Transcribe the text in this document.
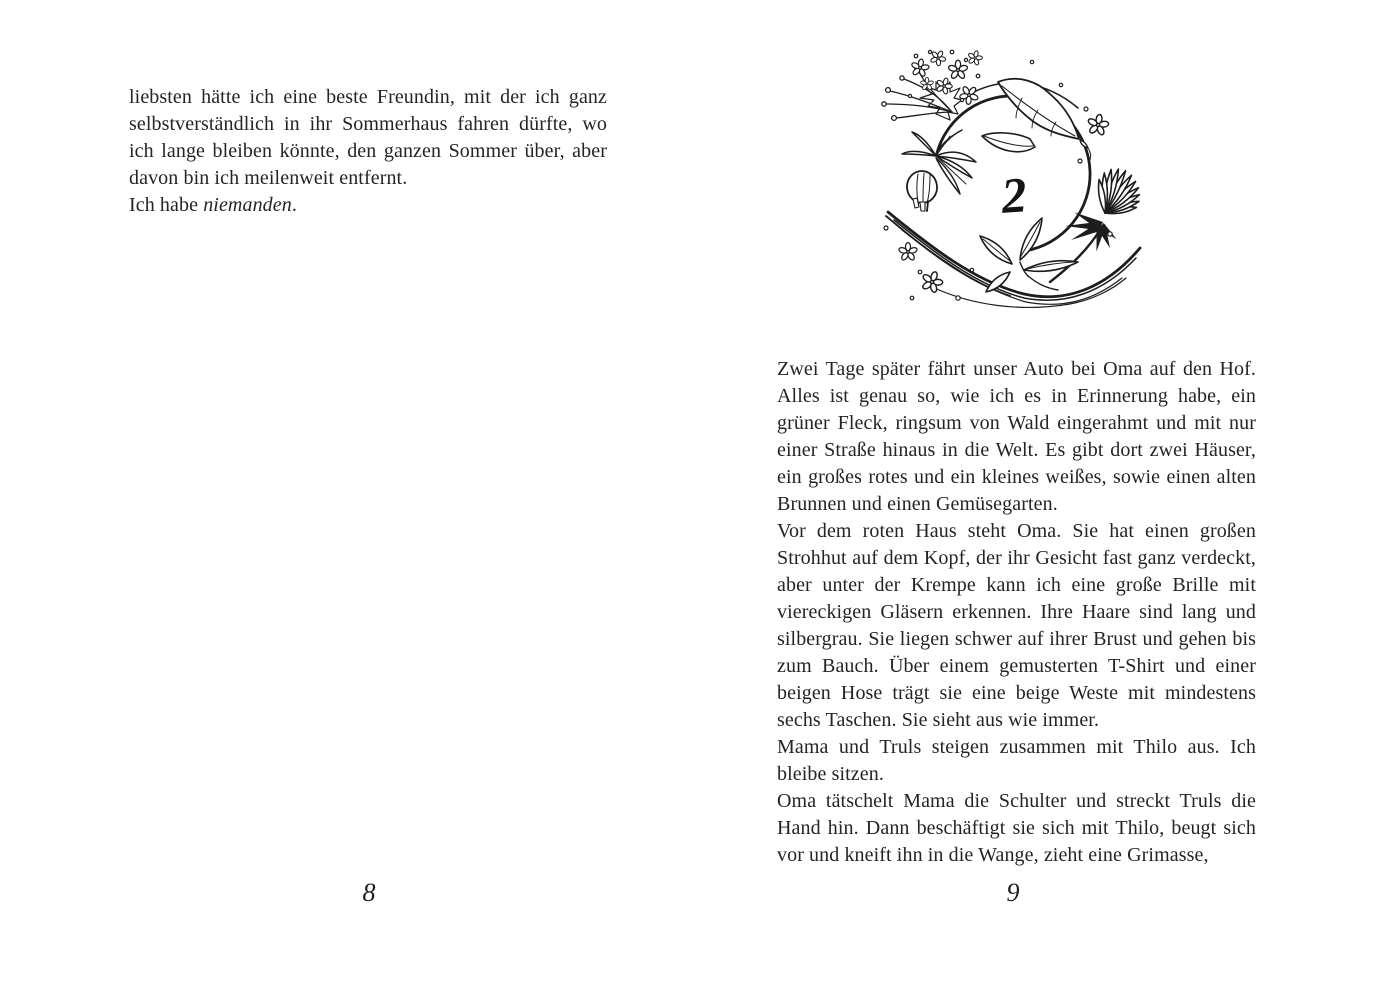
liebsten hätte ich eine beste Freundin, mit der ich ganz selbstverständlich in ihr Sommerhaus fahren dürfte, wo ich lange bleiben könnte, den ganzen Sommer über, aber davon bin ich meilenweit entfernt.

Ich habe niemanden.

8
2

Zwei Tage später fährt unser Auto bei Oma auf den Hof. Alles ist genau so, wie ich es in Erinnerung habe, ein grüner Fleck, ringsum von Wald eingerahmt und mit nur einer Straße hinaus in die Welt. Es gibt dort zwei Häuser, ein großes rotes und ein kleines weißes, sowie einen alten Brunnen und einen Gemüsegarten.

Vor dem roten Haus steht Oma. Sie hat einen großen Strohhut auf dem Kopf, der ihr Gesicht fast ganz verdeckt, aber unter der Krempe kann ich eine große Brille mit viereckigen Gläsern erkennen. Ihre Haare sind lang und silbergrau. Sie liegen schwer auf ihrer Brust und gehen bis zum Bauch. Über einem gemusterten T-Shirt und einer beigen Hose trägt sie eine beige Weste mit mindestens sechs Taschen. Sie sieht aus wie immer.

Mama und Truls steigen zusammen mit Thilo aus. Ich bleibe sitzen.

Oma tätschelt Mama die Schulter und streckt Truls die Hand hin. Dann beschäftigt sie sich mit Thilo, beugt sich vor und kneift ihn in die Wange, zieht eine Grimasse,

9
